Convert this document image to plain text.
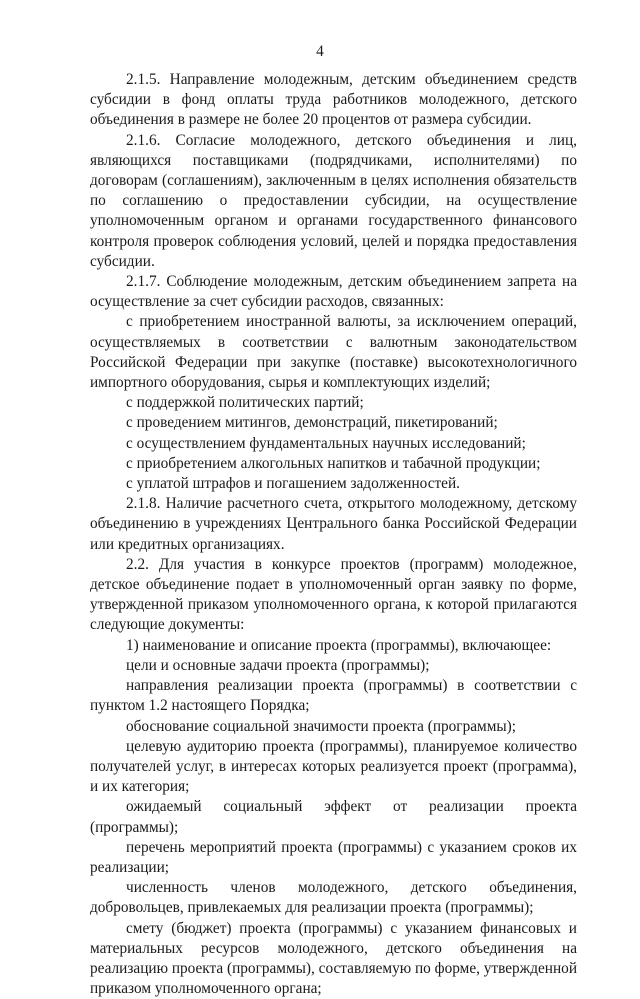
4

2.1.5. Направление молодежным, детским объединением средств субсидии в фонд оплаты труда работников молодежного, детского объединения в размере не более 20 процентов от размера субсидии.

2.1.6. Согласие молодежного, детского объединения и лиц, являющихся поставщиками (подрядчиками, исполнителями) по договорам (соглашениям), заключенным в целях исполнения обязательств по соглашению о предоставлении субсидии, на осуществление уполномоченным органом и органами государственного финансового контроля проверок соблюдения условий, целей и порядка предоставления субсидии.

2.1.7. Соблюдение молодежным, детским объединением запрета на осуществление за счет субсидии расходов, связанных:

с приобретением иностранной валюты, за исключением операций, осуществляемых в соответствии с валютным законодательством Российской Федерации при закупке (поставке) высокотехнологичного импортного оборудования, сырья и комплектующих изделий;

с поддержкой политических партий;

с проведением митингов, демонстраций, пикетирований;

с осуществлением фундаментальных научных исследований;

с приобретением алкогольных напитков и табачной продукции;

с уплатой штрафов и погашением задолженностей.

2.1.8. Наличие расчетного счета, открытого молодежному, детскому объединению в учреждениях Центрального банка Российской Федерации или кредитных организациях.

2.2. Для участия в конкурсе проектов (программ) молодежное, детское объединение подает в уполномоченный орган заявку по форме, утвержденной приказом уполномоченного органа, к которой прилагаются следующие документы:

1) наименование и описание проекта (программы), включающее:

цели и основные задачи проекта (программы);

направления реализации проекта (программы) в соответствии с пунктом 1.2 настоящего Порядка;

обоснование социальной значимости проекта (программы);

целевую аудиторию проекта (программы), планируемое количество получателей услуг, в интересах которых реализуется проект (программа), и их категория;

ожидаемый социальный эффект от реализации проекта (программы);

перечень мероприятий проекта (программы) с указанием сроков их реализации;

численность членов молодежного, детского объединения, добровольцев, привлекаемых для реализации проекта (программы);

смету (бюджет) проекта (программы) с указанием финансовых и материальных ресурсов молодежного, детского объединения на реализацию проекта (программы), составляемую по форме, утвержденной приказом уполномоченного органа;
